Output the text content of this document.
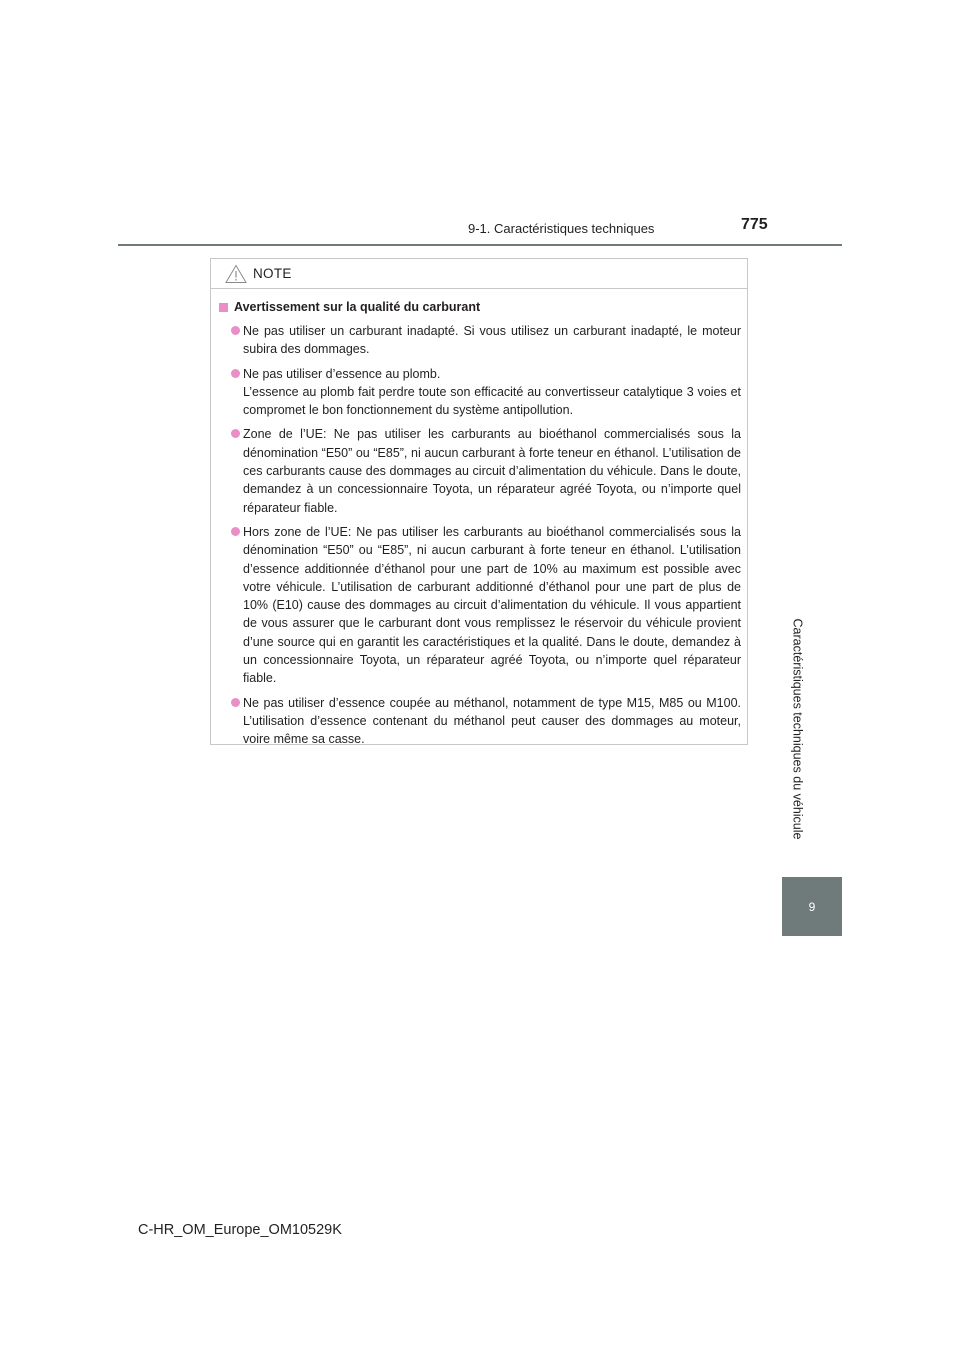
9-1. Caractéristiques techniques	775
Caractéristiques techniques du véhicule
9
NOTE
Avertissement sur la qualité du carburant

Ne pas utiliser un carburant inadapté. Si vous utilisez un carburant inadapté, le moteur subira des dommages.

Ne pas utiliser d’essence au plomb.
L’essence au plomb fait perdre toute son efficacité au convertisseur catalytique 3 voies et compromet le bon fonctionnement du système antipollution.

Zone de l’UE: Ne pas utiliser les carburants au bioéthanol commercialisés sous la dénomination “E50” ou “E85”, ni aucun carburant à forte teneur en éthanol. L’utilisation de ces carburants cause des dommages au circuit d’alimentation du véhicule. Dans le doute, demandez à un concessionnaire Toyota, un réparateur agréé Toyota, ou n’importe quel réparateur fiable.

Hors zone de l’UE: Ne pas utiliser les carburants au bioéthanol commercialisés sous la dénomination “E50” ou “E85”, ni aucun carburant à forte teneur en éthanol. L’utilisation d’essence additionnée d’éthanol pour une part de 10% au maximum est possible avec votre véhicule. L’utilisation de carburant additionné d’éthanol pour une part de plus de 10% (E10) cause des dommages au circuit d’alimentation du véhicule. Il vous appartient de vous assurer que le carburant dont vous remplissez le réservoir du véhicule provient d’une source qui en garantit les caractéristiques et la qualité. Dans le doute, demandez à un concessionnaire Toyota, un réparateur agréé Toyota, ou n’importe quel réparateur fiable.

Ne pas utiliser d’essence coupée au méthanol, notamment de type M15, M85 ou M100. L’utilisation d’essence contenant du méthanol peut causer des dommages au moteur, voire même sa casse.

C-HR_OM_Europe_OM10529K
